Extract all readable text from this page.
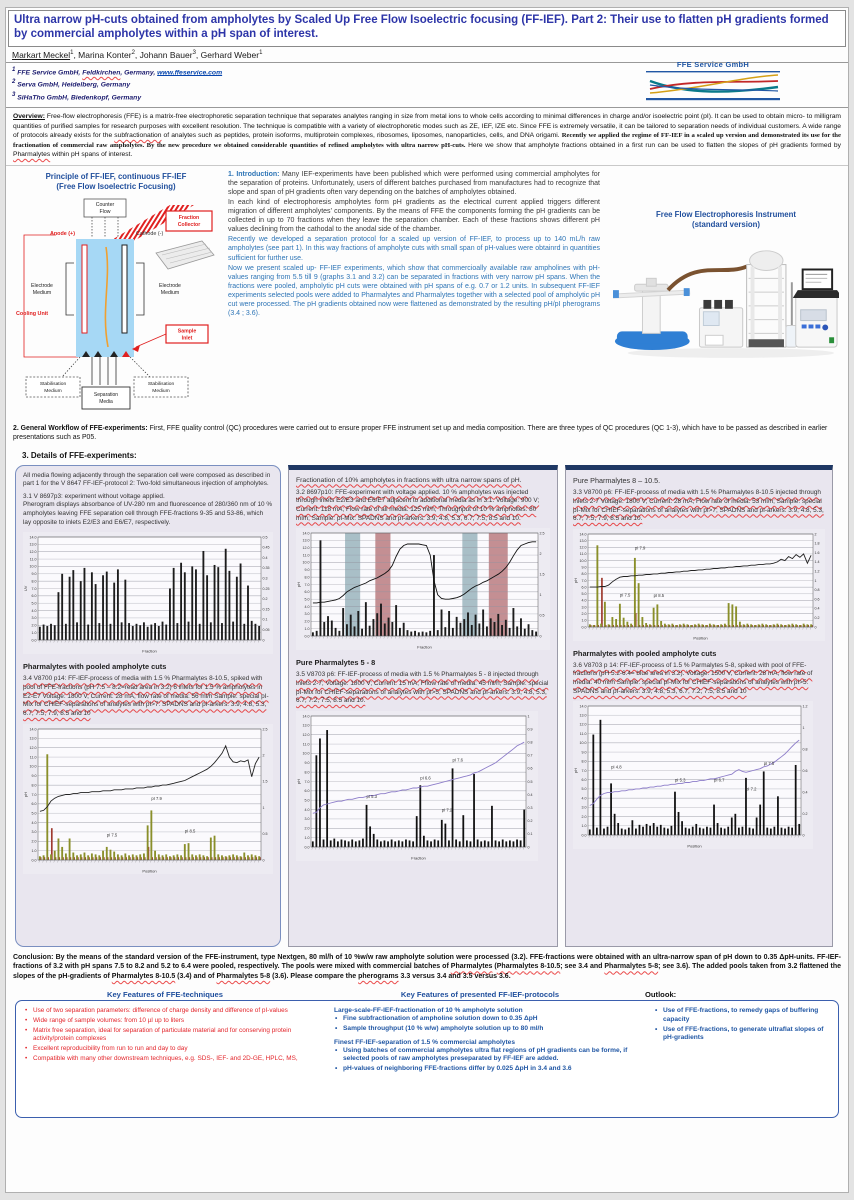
Ultra narrow pH-cuts obtained from ampholytes by Scaled Up Free Flow Isoelectric focusing (FF-IEF). Part 2: Their use to flatten pH gradients formed by commercial ampholytes within a pH span of interest.
Markart Meckel$^1$, Marina Konter$^2$, Johann Bauer$^3$, Gerhard Weber$^1$
$^1$ FFE Service GmbH, Feldkirchen, Germany, www.ffeservice.com
$^2$ Serva GmbH, Heidelberg, Germany
$^3$ SiHaTho GmbH, Biedenkopf, Germany
FFE Service GmbH
Overview: Free-flow electrophoresis (FFE) is a matrix-free electrophoretic separation technique that separates analytes ranging in size from metal ions to whole cells according to minimal differences in charge and/or isoelectric point (pI). It can be used to obtain micro- to milligram quantities of purified samples for research purposes with excellent resolution. The technique is compatible with a variety of electrophoretic modes such as ZE, IEF, IZE etc. Since FFE is extremely versatile, it can be tailored to separation needs of individual customers. A wide range of protocols already exists for the subfractionation of analytes such as peptides, protein isoforms, multiprotein complexes, ribosomes, liposomes, nanoparticles, cells, and DNA origami. Recently we applied the regime of FF-IEF in a scaled up version and demonstrated its use for the fractionation of commercial raw ampholytes. By the new procedure we obtained considerable quantities of refined ampholytes with ultra narrow pH-cuts. Here we show that ampholyte fractions obtained in a first run can be used to flatten the slopes of pH gradients formed by Pharmalytes within pH spans of interest.
Principle of FF-IEF, continuous FF-IEF
(Free Flow Isoelectric Focusing)
Counter
Flow
Anode (+)	Cathode (-)
Fraction
Collector
Electrode
Medium
Electrode
Medium
Cooling Unit
Sample
Inlet
Stabilisation
Medium
Stabilisation
Medium
Separation
Media

1. Introduction: Many IEF-experiments have been published which were performed using commercial ampholytes for the separation of proteins. Unfortunately, users of different batches purchased from manufactures had to recognize that slope and span of pH gradients often vary depending on the batches of ampholytes obtained.

In each kind of electrophoresis ampholytes form pH gradients as the electrical current applied triggers different migration of different ampholytes’ components. By the means of FFE the components forming the pH gradients can be collected in up to 70 fractions when they leave the separation chamber. Each of these fractions shows different pH values declining from the cathodal to the anodal side of the chamber.

Recently we developed a separation protocol for a scaled up version of FF-IEF, to process up to 140 mL/h raw ampholytes (see part 1). In this way fractions of ampholyte cuts with small span of pH-values were obtainrd in quantities sufficient for further use.

Now we present scaled up- FF-IEF experiments, which show that commercioally available raw ampholines with pH-values ranging from 5.5 till 9 (graphs 3.1 and 3.2) can be separated in fractions with very narrow pH spans. When the fractions were pooled, ampholytic pH cuts were obtained with pH spans of e.g. 0.7 or 1.2 units. In subsequent FF-IEF experiments selected pools were added to Pharmalytes and Pharmalytes together with a selected pool of ampholytic pH cut were processed. The pH gradients obtained now were flattened as demonstrated by the resulting pH/pI pherograms (3.4 ; 3.6).

Free Flow Electrophoresis Instrument
(standard version)
2. General Workflow of FFE-experiments: First, FFE quality control (QC) procedures were carried out to ensure proper FFE instrument set up and media composition. There are three types of QC procedures (QC 1-3), which have to be passed as described in earlier presentations such as P05.
3. Details of FFE-experiments:

All media flowing adjacently through the separation cell were composed as described in part 1 for the V 8647 FF-IEF-protocol 2: Two-fold simultaneous injection of ampholytes.

3.1 V 8697p3: experiment without voltage applied.
Pherogram displays absorbance of UV-280 nm and fluorescence of 280/360 nm of 10 % ampholytes leaving FFE separation cell through FFE-fractions 9-35 and 53-86, which lay opposite to inlets E2/E3 and E6/E7, respectively.

0.0
1.0
2.0
3.0
4.0
5.0
6.0
7.0
8.0
9.0
10.0
11.0
12.0
13.0
14.0	0.5
0.45
0.4
0.35
0.3
0.25
0.2
0.15
0.1
0.05
0
Fraction
UV
Pharmalytes with pooled ampholyte cuts

3.4 V8700 p14: FF-IEF-process of media with 1.5 % Pharmalytes 8-10.5, spiked with pool of FFE-fractions (pH 7.5 – 8.2=read area in 3.2) 6 inlets for 1.5 % ampholytes in E2-E7 Voltage: 1800 V, Current: 28 mA, flow rate of media: 56 ml/h Sample: special pI-Mix for CHIEF-separations of analytes with pI>7: SPADNS and pI-arkers: 3.9, 4.8, 5.3, 6.7, 7.5, 7.9, 8.5 and 10

0.0
1.0
2.0
3.0
4.0
5.0
6.0
7.0
8.0
9.0
10.0
11.0
12.0
13.0
14.0	2.5
2
1.5
1
0.5
0
pI 7.5
pI 7.9
pI 8.5
Position
pH

Fractionation of 10% ampholytes in fractions with ultra narrow spans of pH.

3.2 8697p10: FFE-experiment with voltage applied. 10 % ampholytes was injected through inlets E2/E3 and E6/E7 adjacent to additional media as in 3.1. Voltage: 900 V; Current: 118 mA; Flow rate of all media: 125 ml/h; Throughput of 10 % ampholtes: 80 ml/h; Sample: pI-Mix: SPADNS and pI-arkers: 3.9, 4.8, 5.3, 6.7, 7.5, 8.5 and 10.

0.0
1.0
2.0
3.0
4.0
5.0
6.0
7.0
8.0
9.0
10.0
11.0
12.0
13.0
14.0	2.5
2
1.5
1
0.5
0
Fraction
pH
Pure Pharmalytes 5 - 8

3.5 V8703 p6: FF-IEF-process of media with 1.5 % Pharmalytes 5 - 8 injected through inlets 2-7; Voltage: 1800 V; Current: 15 mA; Fflow rate of media: 45 ml/h; Sample: special pI-Mix for CHIEF-separations of analytes with pI>5; SPADNS and pI-arkers: 3.9, 4.8, 5.3, 6.7, 7.2, 7.5, 8.5 and 10.

0.0
1.0
2.0
3.0
4.0
5.0
6.0
7.0
8.0
9.0
10.0
11.0
12.0
13.0
14.0	1
0.9
0.8
0.7
0.6
0.5
0.4
0.3
0.2
0.1
0
pI 5.3
pI 6.6
pI 7.2
pI 7.6
Fraction
pH

Pure Pharmalytes 8 – 10.5.

3.3 V8700 p6: FF-IEF-process of media with 1.5 % Pharmalytes 8-10.5 injected through inlets 2-7 Voltage: 1800 V; Current: 28 mA; Flow rate of media: 53 ml/h; Sample: special pI-Mix for CHIEF-separations of analytes with pI>7; SPADNS and pI-arkers: 3.9, 4.8, 5.3, 6.7, 7.5, 7.9, 8.5 and 10.

0.0
1.0
2.0
3.0
4.0
5.0
6.0
7.0
8.0
9.0
10.0
11.0
12.0
13.0
14.0	2
1.8
1.6
1.4
1.2
1
0.8
0.6
0.4
0.2
0
pI 7.5
pI 7.9
pI 8.5
Position
pH
Pharmalytes with pooled ampholyte cuts

3.6 V8703 p 14: FF-IEF-process of 1.5 % Parmalytes 5-8, spiked with pool of FFE-fractions (pH 5.2-6.4= blue area in 3.2). Voltage: 1500 V, Current: 28 mA, flow rate of media: 40 ml/h Sample: special pI-Mix for CHIEF-separations of analytes with pI>5: SPADNS and pI-arkers: 3.9, 4.8, 5.3, 6.7, 7.2, 7.5, 8.5 and 10

0.0
1.0
2.0
3.0
4.0
5.0
6.0
7.0
8.0
9.0
10.0
11.0
12.0
13.0
14.0	1.2
1
0.8
0.6
0.4
0.2
0
pI 4.8
pI 5.3	pI 6.7
pI 7.2
pI 7.5
Position
pH
Conclusion: By the means of the standard version of the FFE-instrument, type Nextgen, 80 ml/h of 10 %w/w raw ampholyte solution were processed (3.2). FFE-fractions were obtained with an ultra-narrow span of pH down to 0.35 ΔpH-units. FF-IEF-fractions of 3.2 with pH spans 7.5 to 8.2 and 5.2 to 6.4 were pooled, respectively. The pools were mixed with commercial batches of Pharmalytes (Pharmalytes 8-10.5; see 3.4 and Pharmalytes 5-8; see 3.6). The added pools taken from 3.2 flattened the slopes of the pH-gradients of Pharmalytes 8-10.5 (3.4) and of Pharmalytes 5-8 (3.6). Please compare the pherograms 3.3 versus 3.4 and 3.5 versus 3.6.
Key Features of FFE-techniques	Key Features of presented FF-IEF-protocols	Outlook:
• Use of two separation parameters: difference of charge density and difference of pI-values
• Wide range of sample volumes: from 10 µl up to liters
• Matrix free separation, ideal for separation of particulate material and for conserving protein activity/protein complexes
• Excellent reproducibility from run to run and day to day
• Compatible with many other downstream techniques, e.g. SDS-, IEF- and 2D-GE, HPLC, MS,
Large-scale-FF-IEF-fractionation of 10 % ampholyte solution
• Fine subfractionation of ampholine solution down to 0.35 ΔpH
• Sample throughput (10 % w/w) ampholyte solution up to 80 ml/h
Finest FF-IEF-separation of 1.5 % commercial ampholytes
• Using batches of commercial ampholytes ultra flat regions of pH gradients can be forme, if selected pools of raw ampholytes preseparated by FF-IEF are added.
• pH-values of neighboring FFE-fractions differ by 0.025 ΔpH in 3.4 and 3.6
• Use of FFE-fractions, to remedy gaps of buffering capacity
• Use of FFE-fractions, to generate ultraflat slopes of pH-gradients
